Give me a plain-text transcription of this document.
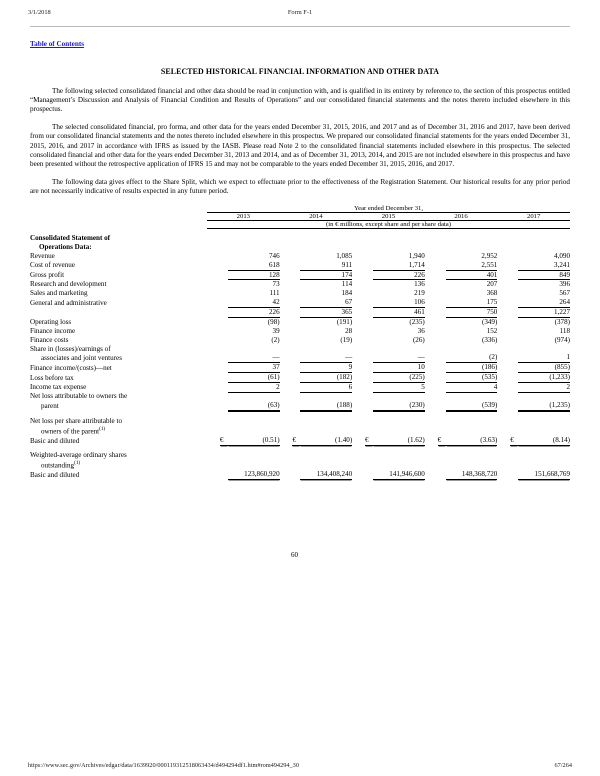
3/1/2018	Form F-1
Table of Contents
SELECTED HISTORICAL FINANCIAL INFORMATION AND OTHER DATA

The following selected consolidated financial and other data should be read in conjunction with, and is qualified in its entirety by reference to, the section of this prospectus entitled “Management’s Discussion and Analysis of Financial Condition and Results of Operations” and our consolidated financial statements and the notes thereto included elsewhere in this prospectus.

The selected consolidated financial, pro forma, and other data for the years ended December 31, 2015, 2016, and 2017 and as of December 31, 2016 and 2017, have been derived from our consolidated financial statements and the notes thereto included elsewhere in this prospectus. We prepared our consolidated financial statements for the years ended December 31, 2015, 2016, and 2017 in accordance with IFRS as issued by the IASB. Please read Note 2 to the consolidated financial statements included elsewhere in this prospectus. The selected consolidated financial and other data for the years ended December 31, 2013 and 2014, and as of December 31, 2013, 2014, and 2015 are not included elsewhere in this prospectus and have been presented without the retrospective application of IFRS 15 and may not be comparable to the years ended December 31, 2015, 2016, and 2017.

The following data gives effect to the Share Split, which we expect to effectuate prior to the effectiveness of the Registration Statement. Our historical results for any prior period are not necessarily indicative of results expected in any future period.

	Year ended December 31,														
	2013			2014			2015			2016			2017		
	(in € millions, except share and per share data)														

Consolidated Statement of															
Operations Data:															
Revenue			746			1,085			1,940			2,952			4,090
Cost of revenue			618			911			1,714			2,551			3,241
Gross profit			128			174			226			401			849
Research and development			73			114			136			207			396
Sales and marketing			111			184			219			368			567
General and administrative			42			67			106			175			264
			226			365			461			750			1,227
Operating loss			(98)			(191)			(235)			(349)			(378)
Finance income			39			28			36			152			118
Finance costs			(2)			(19)			(26)			(336)			(974)
Share in (losses)/earnings of															
associates and joint ventures			—			—			—			(2)			1
Finance income/(costs)—net			37			9			10			(186)			(855)
Loss before tax			(61)			(182)			(225)			(535)			(1,233)
Income tax expense			2			6			5			4			2
Net loss attributable to owners the															
parent			(63)			(188)			(230)			(539)			(1,235)

Net loss per share attributable to															
owners of the parent$^{(1)}$	
Basic and diluted		€	(0.51)		€	(1.40)		€	(1.62)		€	(3.63)		€	(8.14)

Weighted-average ordinary shares															
outstanding$^{(1)}$	
Basic and diluted			123,860,920			134,408,240			141,946,600			148,368,720			151,668,769
60
https://www.sec.gov/Archives/edgar/data/1639920/000119312518063434/d494294df1.htm#rom494294_30	67/264
